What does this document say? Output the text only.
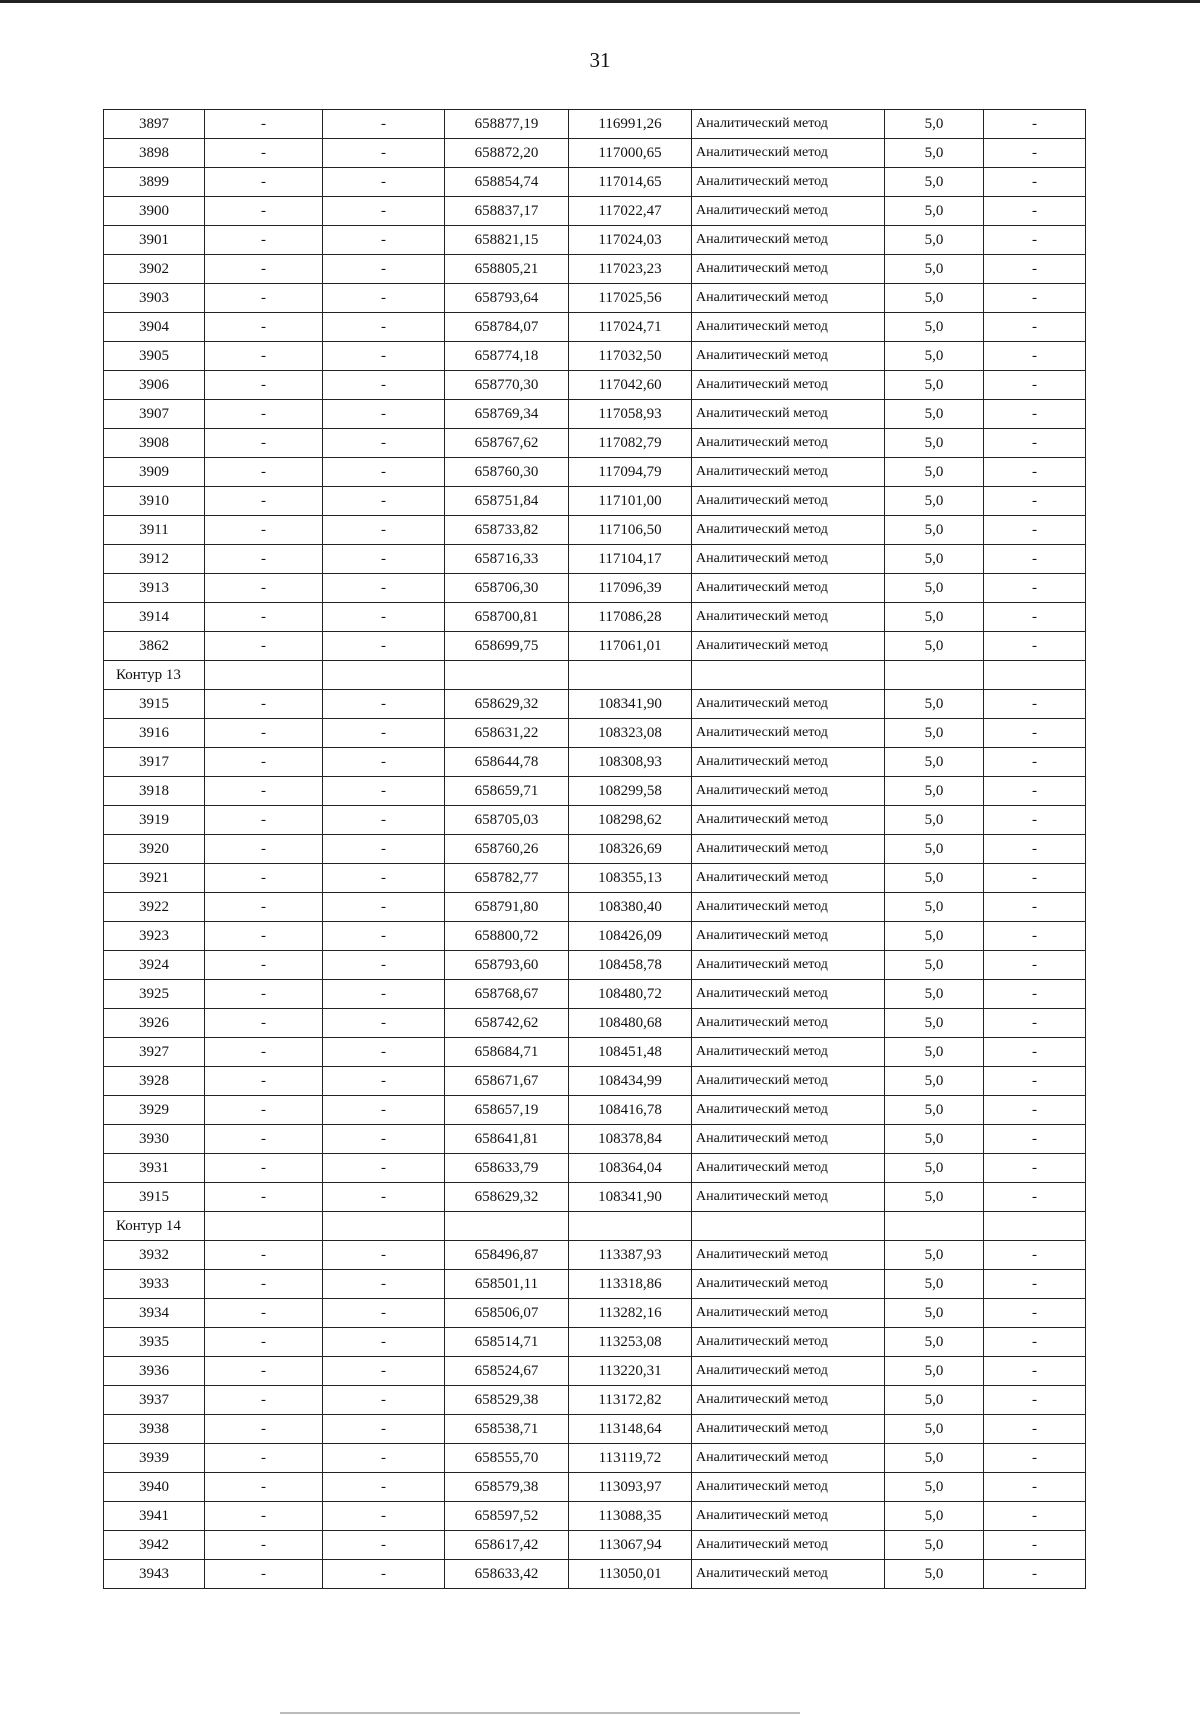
31
3897	-	-	658877,19	116991,26	Аналитический метод	5,0	-
3898	-	-	658872,20	117000,65	Аналитический метод	5,0	-
3899	-	-	658854,74	117014,65	Аналитический метод	5,0	-
3900	-	-	658837,17	117022,47	Аналитический метод	5,0	-
3901	-	-	658821,15	117024,03	Аналитический метод	5,0	-
3902	-	-	658805,21	117023,23	Аналитический метод	5,0	-
3903	-	-	658793,64	117025,56	Аналитический метод	5,0	-
3904	-	-	658784,07	117024,71	Аналитический метод	5,0	-
3905	-	-	658774,18	117032,50	Аналитический метод	5,0	-
3906	-	-	658770,30	117042,60	Аналитический метод	5,0	-
3907	-	-	658769,34	117058,93	Аналитический метод	5,0	-
3908	-	-	658767,62	117082,79	Аналитический метод	5,0	-
3909	-	-	658760,30	117094,79	Аналитический метод	5,0	-
3910	-	-	658751,84	117101,00	Аналитический метод	5,0	-
3911	-	-	658733,82	117106,50	Аналитический метод	5,0	-
3912	-	-	658716,33	117104,17	Аналитический метод	5,0	-
3913	-	-	658706,30	117096,39	Аналитический метод	5,0	-
3914	-	-	658700,81	117086,28	Аналитический метод	5,0	-
3862	-	-	658699,75	117061,01	Аналитический метод	5,0	-
Контур 13							
3915	-	-	658629,32	108341,90	Аналитический метод	5,0	-
3916	-	-	658631,22	108323,08	Аналитический метод	5,0	-
3917	-	-	658644,78	108308,93	Аналитический метод	5,0	-
3918	-	-	658659,71	108299,58	Аналитический метод	5,0	-
3919	-	-	658705,03	108298,62	Аналитический метод	5,0	-
3920	-	-	658760,26	108326,69	Аналитический метод	5,0	-
3921	-	-	658782,77	108355,13	Аналитический метод	5,0	-
3922	-	-	658791,80	108380,40	Аналитический метод	5,0	-
3923	-	-	658800,72	108426,09	Аналитический метод	5,0	-
3924	-	-	658793,60	108458,78	Аналитический метод	5,0	-
3925	-	-	658768,67	108480,72	Аналитический метод	5,0	-
3926	-	-	658742,62	108480,68	Аналитический метод	5,0	-
3927	-	-	658684,71	108451,48	Аналитический метод	5,0	-
3928	-	-	658671,67	108434,99	Аналитический метод	5,0	-
3929	-	-	658657,19	108416,78	Аналитический метод	5,0	-
3930	-	-	658641,81	108378,84	Аналитический метод	5,0	-
3931	-	-	658633,79	108364,04	Аналитический метод	5,0	-
3915	-	-	658629,32	108341,90	Аналитический метод	5,0	-
Контур 14							
3932	-	-	658496,87	113387,93	Аналитический метод	5,0	-
3933	-	-	658501,11	113318,86	Аналитический метод	5,0	-
3934	-	-	658506,07	113282,16	Аналитический метод	5,0	-
3935	-	-	658514,71	113253,08	Аналитический метод	5,0	-
3936	-	-	658524,67	113220,31	Аналитический метод	5,0	-
3937	-	-	658529,38	113172,82	Аналитический метод	5,0	-
3938	-	-	658538,71	113148,64	Аналитический метод	5,0	-
3939	-	-	658555,70	113119,72	Аналитический метод	5,0	-
3940	-	-	658579,38	113093,97	Аналитический метод	5,0	-
3941	-	-	658597,52	113088,35	Аналитический метод	5,0	-
3942	-	-	658617,42	113067,94	Аналитический метод	5,0	-
3943	-	-	658633,42	113050,01	Аналитический метод	5,0	-
